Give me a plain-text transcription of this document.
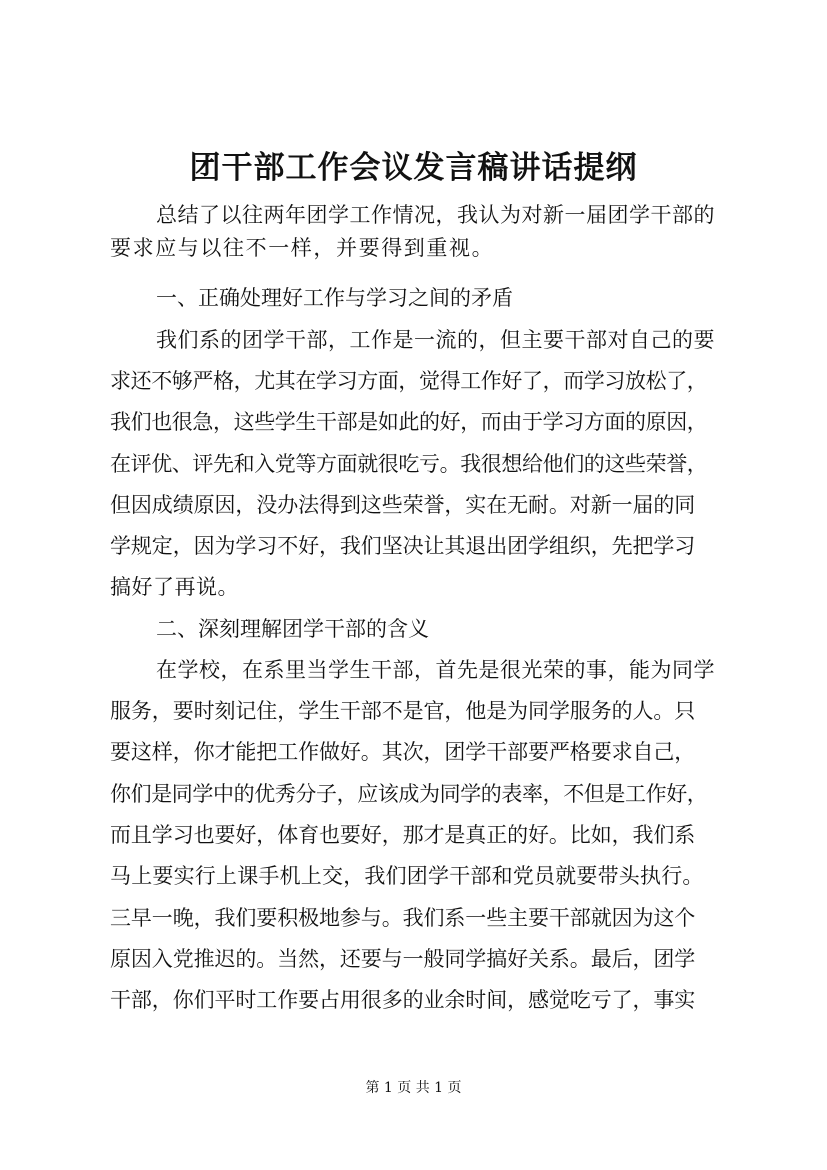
团干部工作会议发言稿讲话提纲
总结了以往两年团学工作情况，我认为对新一届团学干部的
要求应与以往不一样，并要得到重视。
一、正确处理好工作与学习之间的矛盾
我们系的团学干部，工作是一流的，但主要干部对自己的要
求还不够严格，尤其在学习方面，觉得工作好了，而学习放松了，
我们也很急，这些学生干部是如此的好，而由于学习方面的原因，
在评优、评先和入党等方面就很吃亏。我很想给他们的这些荣誉，
但因成绩原因，没办法得到这些荣誉，实在无耐。对新一届的同
学规定，因为学习不好，我们坚决让其退出团学组织，先把学习
搞好了再说。
二、深刻理解团学干部的含义
在学校，在系里当学生干部，首先是很光荣的事，能为同学
服务，要时刻记住，学生干部不是官，他是为同学服务的人。只
要这样，你才能把工作做好。其次，团学干部要严格要求自己，
你们是同学中的优秀分子，应该成为同学的表率，不但是工作好，
而且学习也要好，体育也要好，那才是真正的好。比如，我们系
马上要实行上课手机上交，我们团学干部和党员就要带头执行。
三早一晚，我们要积极地参与。我们系一些主要干部就因为这个
原因入党推迟的。当然，还要与一般同学搞好关系。最后，团学
干部，你们平时工作要占用很多的业余时间，感觉吃亏了，事实
第 1 页 共 1 页
